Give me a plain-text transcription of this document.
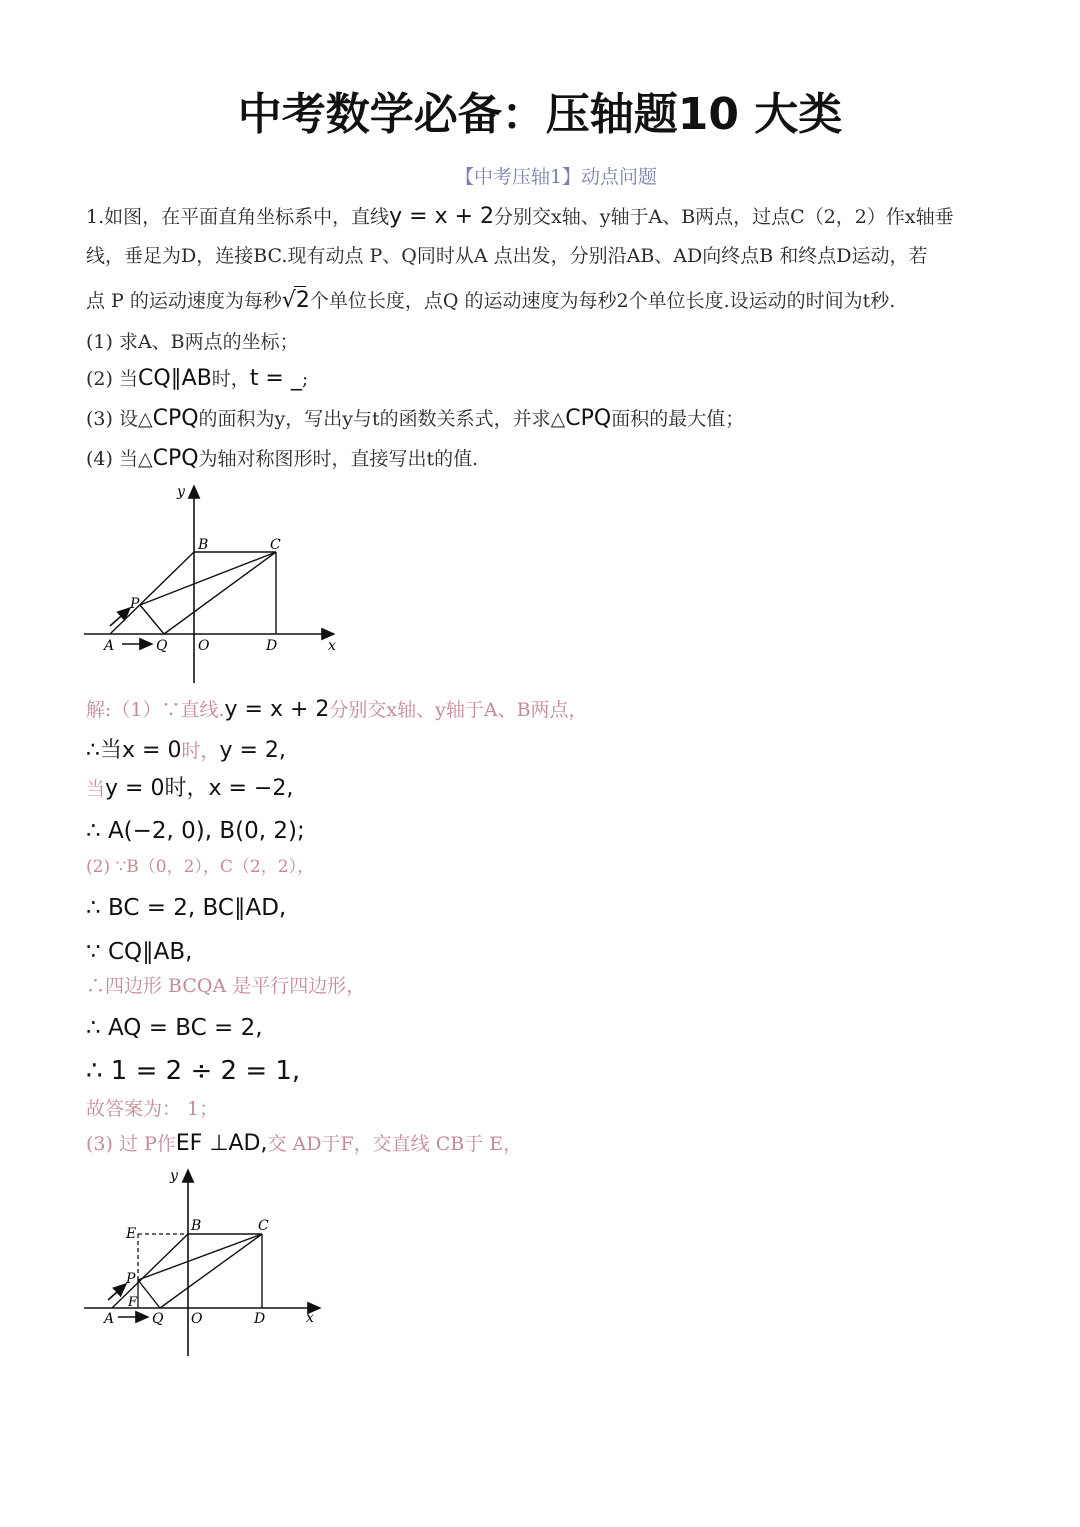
中考数学必备：压轴题10 大类
【中考压轴1】动点问题
1.如图，在平面直角坐标系中，直线y = x + 2分别交x轴、y轴于A、B两点，过点C（2，2）作x轴垂
线，垂足为D，连接BC.现有动点 P、Q同时从A 点出发，分别沿AB、AD向终点B 和终点D运动，若
点 P 的运动速度为每秒√
2个单位长度，点Q 的运动速度为每秒2个单位长度.设运动的时间为t秒.
(1) 求A、B两点的坐标；
(2) 当CQ∥AB时，t = _;
(3) 设△CPQ的面积为y，写出y与t的函数关系式，并求△CPQ面积的最大值；
(4) 当△CPQ为轴对称图形时，直接写出t的值.
y
x
B	C
P
A	Q O	D
解:（1）∵直线.y = x + 2分别交x轴、y轴于A、B两点，
∴当x = 0时，y = 2,
当y = 0时，x = −2,
∴ A(−2, 0), B(0, 2);
(2) ∵B（0，2），C（2，2），
∴ BC = 2, BC∥AD,
∵ CQ∥AB,
∴四边形 BCQA 是平行四边形，
∴ AQ = BC = 2,
∴ 1 = 2 ÷ 2 = 1,
故答案为： 1；
(3) 过 P作EF ⊥AD,交 AD于F，交直线 CB于 E，
y
x
E	B	C
P
F
A	Q O	D
